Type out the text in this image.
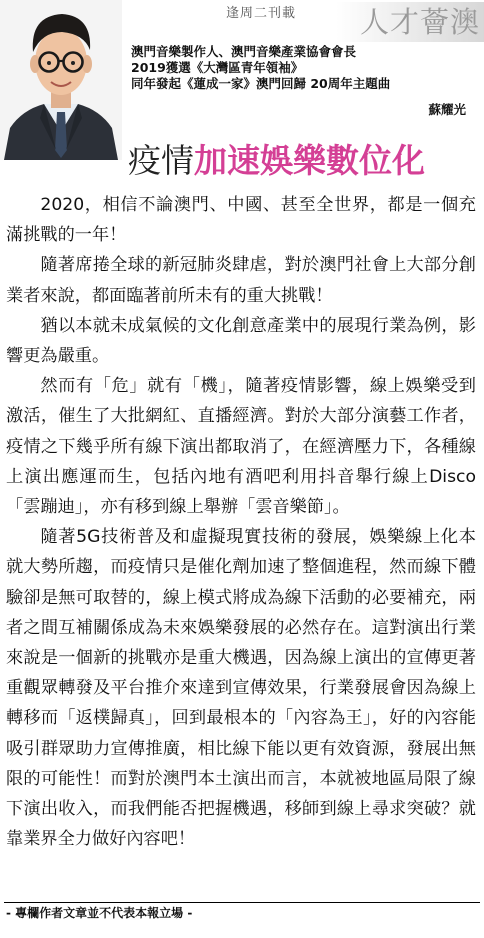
逢周二刊載	人才薈澳
澳門音樂製作人、澳門音樂產業協會會長
2019獲選《大灣區青年領袖》
同年發起《蓮成一家》澳門回歸 20周年主題曲
蘇耀光
疫情加速娛樂數位化

2020，相信不論澳門、中國、甚至全世界，都是一個充滿挑戰的一年！

隨著席捲全球的新冠肺炎肆虐，對於澳門社會上大部分創業者來說，都面臨著前所未有的重大挑戰！

猶以本就未成氣候的文化創意產業中的展現行業為例，影響更為嚴重。

然而有「危」就有「機」，隨著疫情影響，線上娛樂受到激活，催生了大批網紅、直播經濟。對於大部分演藝工作者，疫情之下幾乎所有線下演出都取消了，在經濟壓力下，各種線上演出應運而生，包括內地有酒吧利用抖音舉行線上Disco「雲蹦迪」，亦有移到線上舉辦「雲音樂節」。

隨著5G技術普及和虛擬現實技術的發展，娛樂線上化本就大勢所趨，而疫情只是催化劑加速了整個進程，然而線下體驗卻是無可取替的，線上模式將成為線下活動的必要補充，兩者之間互補關係成為未來娛樂發展的必然存在。這對演出行業來說是一個新的挑戰亦是重大機遇，因為線上演出的宣傳更著重觀眾轉發及平台推介來達到宣傳效果，行業發展會因為線上轉移而「返樸歸真」，回到最根本的「內容為王」，好的內容能吸引群眾助力宣傳推廣，相比線下能以更有效資源，發展出無限的可能性！而對於澳門本土演出而言，本就被地區局限了線下演出收入，而我們能否把握機遇，移師到線上尋求突破？就靠業界全力做好內容吧！

- 專欄作者文章並不代表本報立場 -
